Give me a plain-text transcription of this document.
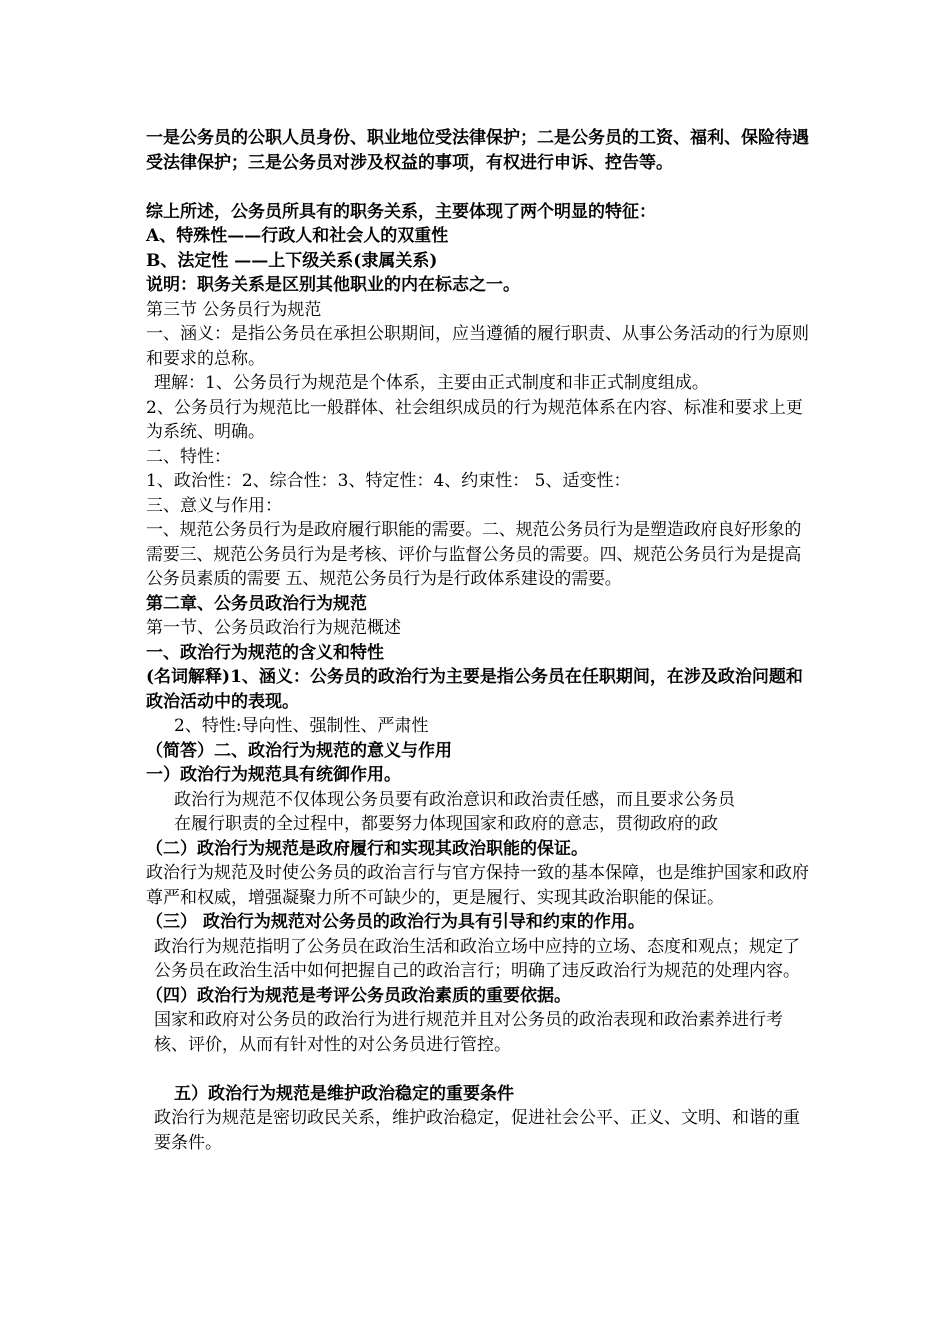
一是公务员的公职人员身份、职业地位受法律保护；二是公务员的工资、福利、保险待遇受法律保护；三是公务员对涉及权益的事项，有权进行申诉、控告等。

综上所述，公务员所具有的职务关系，主要体现了两个明显的特征：

A、特殊性——行政人和社会人的双重性

B、法定性 ——上下级关系(隶属关系)

说明：职务关系是区别其他职业的内在标志之一。

第三节 公务员行为规范

一、涵义：是指公务员在承担公职期间，应当遵循的履行职责、从事公务活动的行为原则和要求的总称。

理解：1、公务员行为规范是个体系，主要由正式制度和非正式制度组成。

2、公务员行为规范比一般群体、社会组织成员的行为规范体系在内容、标准和要求上更为系统、明确。

二、特性：

1、政治性：2、综合性：3、特定性：4、约束性： 5、适变性：

三、意义与作用：

一、规范公务员行为是政府履行职能的需要。二、规范公务员行为是塑造政府良好形象的需要三、规范公务员行为是考核、评价与监督公务员的需要。四、规范公务员行为是提高公务员素质的需要 五、规范公务员行为是行政体系建设的需要。

第二章、公务员政治行为规范

第一节、公务员政治行为规范概述

一、政治行为规范的含义和特性

(名词解释)1、涵义：公务员的政治行为主要是指公务员在任职期间，在涉及政治问题和政治活动中的表现。

2、特性:导向性、强制性、严肃性

（简答）二、政治行为规范的意义与作用

一）政治行为规范具有统御作用。

政治行为规范不仅体现公务员要有政治意识和政治责任感，而且要求公务员

在履行职责的全过程中，都要努力体现国家和政府的意志，贯彻政府的政

（二）政治行为规范是政府履行和实现其政治职能的保证。

政治行为规范及时使公务员的政治言行与官方保持一致的基本保障，也是维护国家和政府尊严和权威，增强凝聚力所不可缺少的，更是履行、实现其政治职能的保证。

（三） 政治行为规范对公务员的政治行为具有引导和约束的作用。

政治行为规范指明了公务员在政治生活和政治立场中应持的立场、态度和观点；规定了公务员在政治生活中如何把握自己的政治言行；明确了违反政治行为规范的处理内容。

（四）政治行为规范是考评公务员政治素质的重要依据。

国家和政府对公务员的政治行为进行规范并且对公务员的政治表现和政治素养进行考核、评价，从而有针对性的对公务员进行管控。

五）政治行为规范是维护政治稳定的重要条件

政治行为规范是密切政民关系，维护政治稳定，促进社会公平、正义、文明、和谐的重要条件。
